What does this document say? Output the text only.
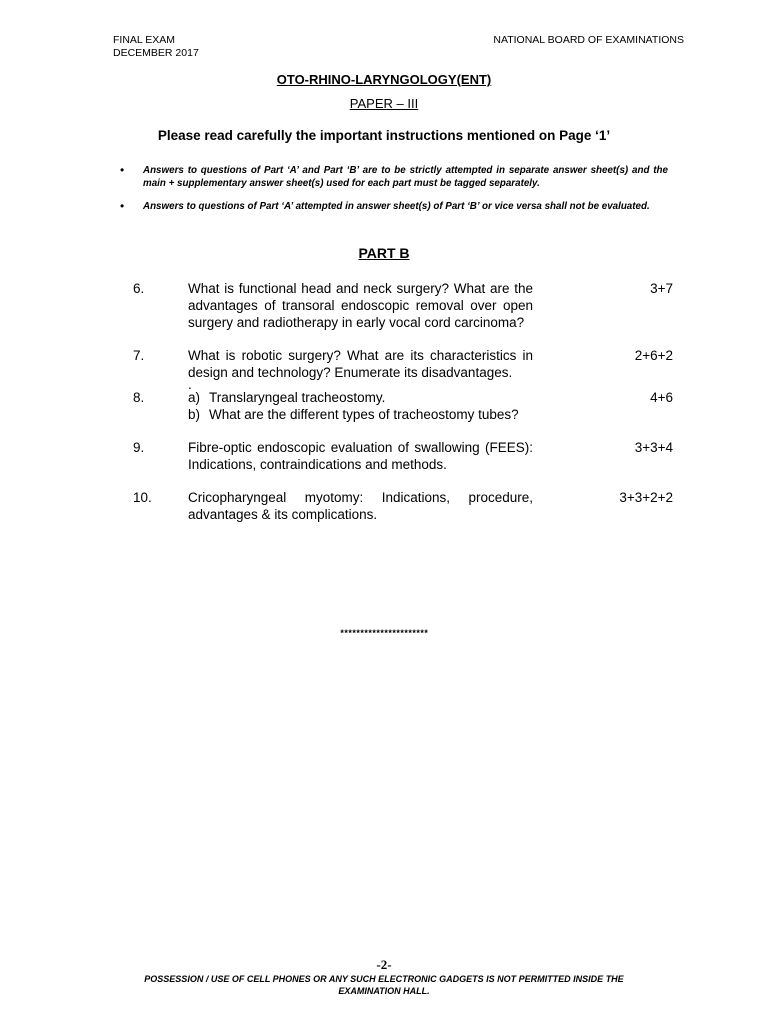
FINAL EXAM
DECEMBER 2017
NATIONAL BOARD OF EXAMINATIONS
OTO-RHINO-LARYNGOLOGY(ENT)
PAPER – III
Please read carefully the important instructions mentioned on Page ‘1’
•	Answers to questions of Part ‘A’ and Part ‘B’ are to be strictly attempted in separate answer sheet(s) and the main + supplementary answer sheet(s) used for each part must be tagged separately.
•	Answers to questions of Part ‘A’ attempted in answer sheet(s) of Part ‘B’ or vice versa shall not be evaluated.
PART B
6.	What is functional head and neck surgery? What are the advantages of transoral endoscopic removal over open surgery and radiotherapy in early vocal cord carcinoma?
3+7
7.	What is robotic surgery? What are its characteristics in design and technology? Enumerate its disadvantages.
.
2+6+2
8.	a) Translaryngeal tracheostomy.
b) What are the different types of tracheostomy tubes?
4+6
9.	Fibre-optic endoscopic evaluation of swallowing (FEES): Indications, contraindications and methods.
3+3+4
10.	Cricopharyngeal myotomy: Indications, procedure, advantages & its complications.
3+3+2+2
**********************
-2-
POSSESSION / USE OF CELL PHONES OR ANY SUCH ELECTRONIC GADGETS IS NOT PERMITTED INSIDE THE EXAMINATION HALL.
